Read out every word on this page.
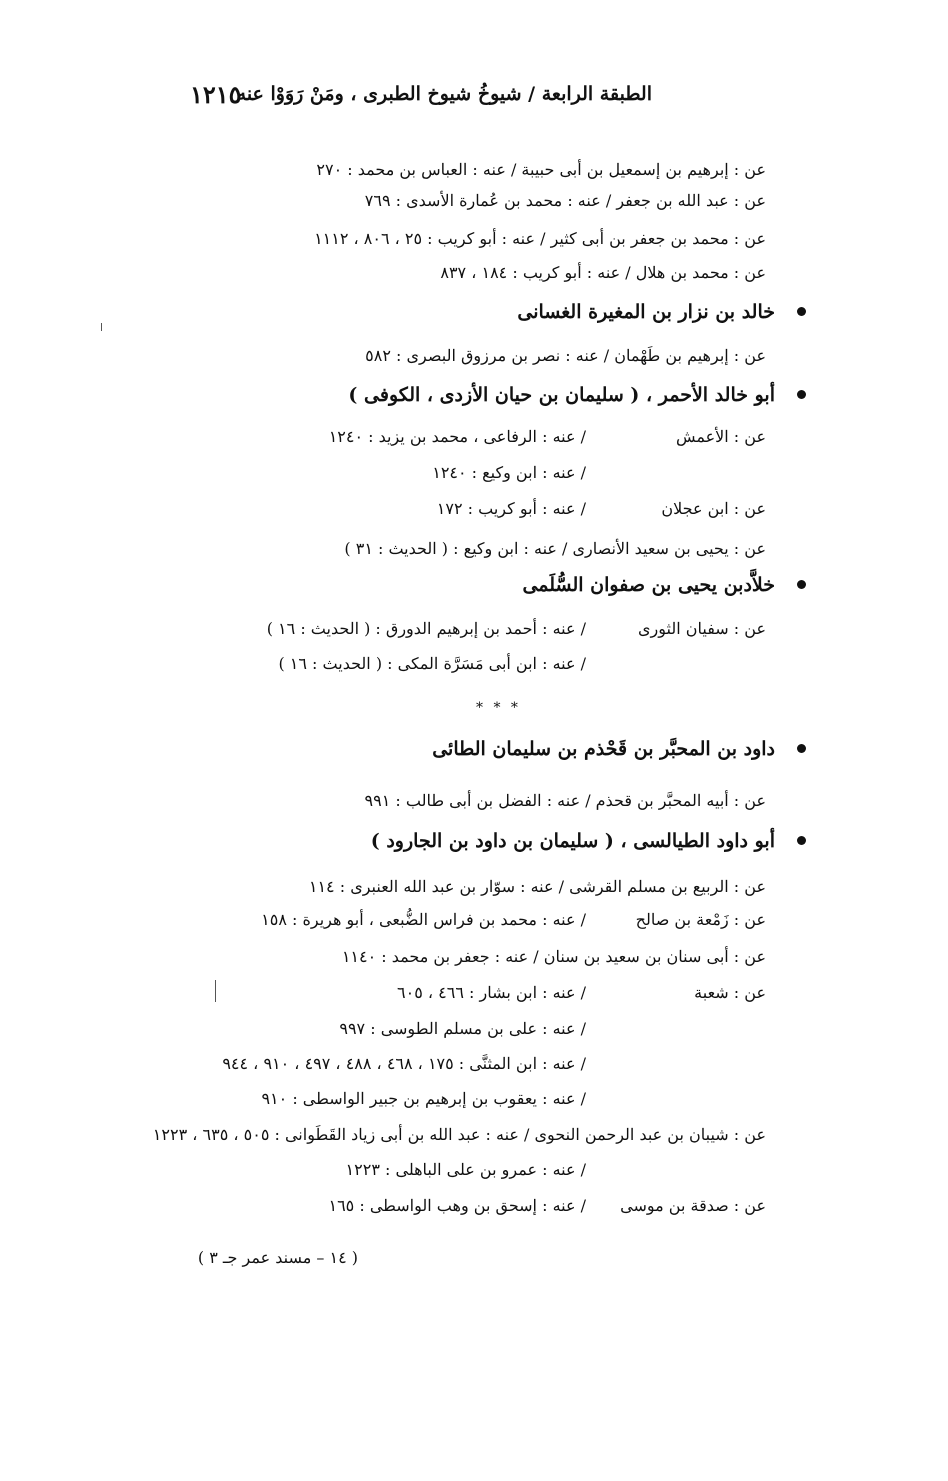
الطبقة الرابعة / شيوخُ شيوخ الطبرى ، ومَنْ رَوَوْا عنه
١٢١٥
عن : إبرهيم بن إسمعيل بن أبى حبيبة / عنه : العباس بن محمد : ٢٧٠
عن : عبد الله بن جعفر / عنه : محمد بن عُمارة الأسدى : ٧٦٩
عن : محمد بن جعفر بن أبى كثير / عنه : أبو كريب : ٢٥ ، ٨٠٦ ، ١١١٢
عن : محمد بن هلال / عنه : أبو كريب : ١٨٤ ، ٨٣٧
خالد بن نزار بن المغيرة الغسانى
عن : إبرهيم بن طَهْمان / عنه : نصر بن مرزوق البصرى : ٥٨٢
أبو خالد الأحمر ، ( سليمان بن حيان الأزدى ، الكوفى )
عن : الأعمش
/ عنه : الرفاعى ، محمد بن يزيد : ١٢٤٠
/ عنه : ابن وكيع : ١٢٤٠
عن : ابن عجلان
/ عنه : أبو كريب : ١٧٢
عن : يحيى بن سعيد الأنصارى / عنه : ابن وكيع : ( الحديث : ٣١ )
خلاَّدبن يحيى بن صفوان السُّلَمى
عن : سفيان الثورى
/ عنه : أحمد بن إبرهيم الدورق : ( الحديث : ١٦ )
/ عنه : ابن أبى مَسَرَّة المكى : ( الحديث : ١٦ )
* * *
داود بن المحبَّر بن قَحْذم بن سليمان الطائى
عن : أبيه المحبَّر بن قحذم / عنه : الفضل بن أبى طالب : ٩٩١
أبو داود الطيالسى ، ( سليمان بن داود بن الجارود )
عن : الربيع بن مسلم القرشى / عنه : سوّار بن عبد الله العنبرى : ١١٤
عن : زَمْعة بن صالح
/ عنه : محمد بن فراس الضُّبعى ، أبو هريرة : ١٥٨
عن : أبى سنان بن سعيد بن سنان / عنه : جعفر بن محمد : ١١٤٠
عن : شعبة
/ عنه : ابن بشار : ٤٦٦ ، ٦٠٥
/ عنه : على بن مسلم الطوسى : ٩٩٧
/ عنه : ابن المثنَّى : ١٧٥ ، ٤٦٨ ، ٤٨٨ ، ٤٩٧ ، ٩١٠ ، ٩٤٤
/ عنه : يعقوب بن إبرهيم بن جبير الواسطى : ٩١٠
عن : شيبان بن عبد الرحمن النحوى / عنه : عبد الله بن أبى زياد القَطَوانى : ٥٠٥ ، ٦٣٥ ، ١٢٢٣
/ عنه : عمرو بن على الباهلى : ١٢٢٣
عن : صدقة بن موسى
/ عنه : إسحق بن وهب الواسطى : ١٦٥
( ١٤ – مسند عمر جـ ٣ )
